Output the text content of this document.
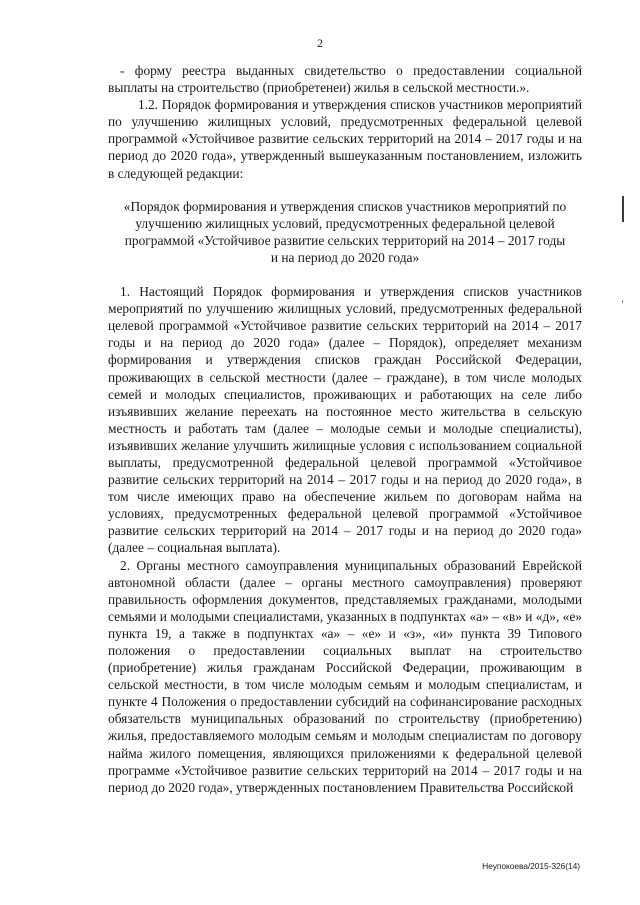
2

- форму реестра выданных свидетельство о предоставлении социальной выплаты на строительство (приобретенеи) жилья в сельской местности.».

1.2. Порядок формирования и утверждения списков участников мероприятий по улучшению жилищных условий, предусмотренных федеральной целевой программой «Устойчивое развитие сельских территорий на 2014 – 2017 годы и на период до 2020 года», утвержденный вышеуказанным постановлением, изложить в следующей редакции:

«Порядок формирования и утверждения списков участников мероприятий по улучшению жилищных условий, предусмотренных федеральной целевой программой «Устойчивое развитие сельских территорий на 2014 – 2017 годы и на период до 2020 года»

1. Настоящий Порядок формирования и утверждения списков участников мероприятий по улучшению жилищных условий, предусмотренных федеральной целевой программой «Устойчивое развитие сельских территорий на 2014 – 2017 годы и на период до 2020 года» (далее – Порядок), определяет механизм формирования и утверждения списков граждан Российской Федерации, проживающих в сельской местности (далее – граждане), в том числе молодых семей и молодых специалистов, проживающих и работающих на селе либо изъявивших желание переехать на постоянное место жительства в сельскую местность и работать там (далее – молодые семьи и молодые специалисты), изъявивших желание улучшить жилищные условия с использованием социальной выплаты, предусмотренной федеральной целевой программой «Устойчивое развитие сельских территорий на 2014 – 2017 годы и на период до 2020 года», в том числе имеющих право на обеспечение жильем по договорам найма на условиях, предусмотренных федеральной целевой программой «Устойчивое развитие сельских территорий на 2014 – 2017 годы и на период до 2020 года» (далее – социальная выплата).

2. Органы местного самоуправления муниципальных образований Еврейской автономной области (далее – органы местного самоуправления) проверяют правильность оформления документов, представляемых гражданами, молодыми семьями и молодыми специалистами, указанных в подпунктах «а» – «в» и «д», «е» пункта 19, а также в подпунктах «а» – «е» и «з», «и» пункта 39 Типового положения о предоставлении социальных выплат на строительство (приобретение) жилья гражданам Российской Федерации, проживающим в сельской местности, в том числе молодым семьям и молодым специалистам, и пункте 4 Положения о предоставлении субсидий на софинансирование расходных обязательств муниципальных образований по строительству (приобретению) жилья, предоставляемого молодым семьям и молодым специалистам по договору найма жилого помещения, являющихся приложениями к федеральной целевой программе «Устойчивое развитие сельских территорий на 2014 – 2017 годы и на период до 2020 года», утвержденных постановлением Правительства Российской

Неупокоева/2015-326(14)
